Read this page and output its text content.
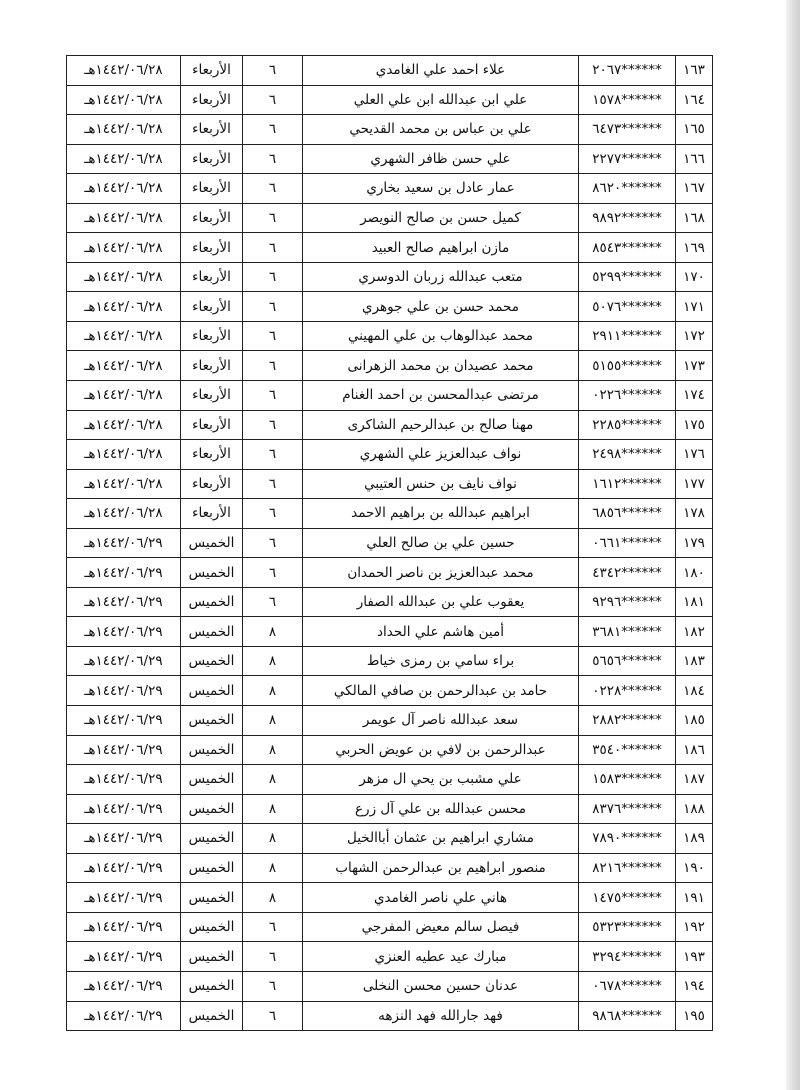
١٦٣	******٢٠٦٧	علاء احمد علي الغامدي	٦	الأربعاء	١٤٤٢/٠٦/٢٨هـ
١٦٤	******١٥٧٨	علي ابن عبدالله ابن علي العلي	٦	الأربعاء	١٤٤٢/٠٦/٢٨هـ
١٦٥	******٦٤٧٣	علي بن عباس بن محمد القديحي	٦	الأربعاء	١٤٤٢/٠٦/٢٨هـ
١٦٦	******٢٢٧٧	علي حسن ظافر الشهري	٦	الأربعاء	١٤٤٢/٠٦/٢٨هـ
١٦٧	******٨٦٢٠	عمار عادل بن سعيد بخاري	٦	الأربعاء	١٤٤٢/٠٦/٢٨هـ
١٦٨	******٩٨٩٢	كميل حسن بن صالح النويصر	٦	الأربعاء	١٤٤٢/٠٦/٢٨هـ
١٦٩	******٨٥٤٣	مازن ابراهيم صالح العبيد	٦	الأربعاء	١٤٤٢/٠٦/٢٨هـ
١٧٠	******٥٢٩٩	متعب عبدالله زربان الدوسري	٦	الأربعاء	١٤٤٢/٠٦/٢٨هـ
١٧١	******٥٠٧٦	محمد حسن بن علي جوهري	٦	الأربعاء	١٤٤٢/٠٦/٢٨هـ
١٧٢	******٢٩١١	محمد عبدالوهاب بن علي المهيني	٦	الأربعاء	١٤٤٢/٠٦/٢٨هـ
١٧٣	******٥١٥٥	محمد عصيدان بن محمد الزهرانى	٦	الأربعاء	١٤٤٢/٠٦/٢٨هـ
١٧٤	******٠٢٢٦	مرتضى عبدالمحسن بن احمد الغنام	٦	الأربعاء	١٤٤٢/٠٦/٢٨هـ
١٧٥	******٢٢٨٥	مهنا صالح بن عبدالرحيم الشاكرى	٦	الأربعاء	١٤٤٢/٠٦/٢٨هـ
١٧٦	******٢٤٩٨	نواف عبدالعزيز علي الشهري	٦	الأربعاء	١٤٤٢/٠٦/٢٨هـ
١٧٧	******١٦١٢	نواف نايف بن حنس العتيبي	٦	الأربعاء	١٤٤٢/٠٦/٢٨هـ
١٧٨	******٦٨٥٦	ابراهيم عبدالله بن براهيم الاحمد	٦	الأربعاء	١٤٤٢/٠٦/٢٨هـ
١٧٩	******٠٦٦١	حسين علي بن صالح العلي	٦	الخميس	١٤٤٢/٠٦/٢٩هـ
١٨٠	******٤٣٤٢	محمد عبدالعزيز بن ناصر الحمدان	٦	الخميس	١٤٤٢/٠٦/٢٩هـ
١٨١	******٩٢٩٦	يعقوب علي بن عبدالله الصفار	٦	الخميس	١٤٤٢/٠٦/٢٩هـ
١٨٢	******٣٦٨١	أمين هاشم علي الحداد	٨	الخميس	١٤٤٢/٠٦/٢٩هـ
١٨٣	******٥٦٥٦	براء سامي بن رمزى خياط	٨	الخميس	١٤٤٢/٠٦/٢٩هـ
١٨٤	******٠٢٢٨	حامد بن عبدالرحمن بن صافي المالكي	٨	الخميس	١٤٤٢/٠٦/٢٩هـ
١٨٥	******٢٨٨٢	سعد عبدالله ناصر آل عويمر	٨	الخميس	١٤٤٢/٠٦/٢٩هـ
١٨٦	******٣٥٤٠	عبدالرحمن بن لافي بن عويض الحربي	٨	الخميس	١٤٤٢/٠٦/٢٩هـ
١٨٧	******١٥٨٣	علي مشبب بن يحي ال مزهر	٨	الخميس	١٤٤٢/٠٦/٢٩هـ
١٨٨	******٨٣٧٦	محسن عبدالله بن علي آل زرع	٨	الخميس	١٤٤٢/٠٦/٢٩هـ
١٨٩	******٧٨٩٠	مشاري ابراهيم بن عثمان أباالخيل	٨	الخميس	١٤٤٢/٠٦/٢٩هـ
١٩٠	******٨٢١٦	منصور ابراهيم بن عبدالرحمن الشهاب	٨	الخميس	١٤٤٢/٠٦/٢٩هـ
١٩١	******١٤٧٥	هاني علي ناصر الغامدي	٨	الخميس	١٤٤٢/٠٦/٢٩هـ
١٩٢	******٥٣٢٣	فيصل سالم معيض المفرجي	٦	الخميس	١٤٤٢/٠٦/٢٩هـ
١٩٣	******٣٢٩٤	مبارك عيد عطيه العنزي	٦	الخميس	١٤٤٢/٠٦/٢٩هـ
١٩٤	******٠٦٧٨	عدنان حسين محسن النخلى	٦	الخميس	١٤٤٢/٠٦/٢٩هـ
١٩٥	******٩٨٦٨	فهد جارالله فهد النزهه	٦	الخميس	١٤٤٢/٠٦/٢٩هـ
